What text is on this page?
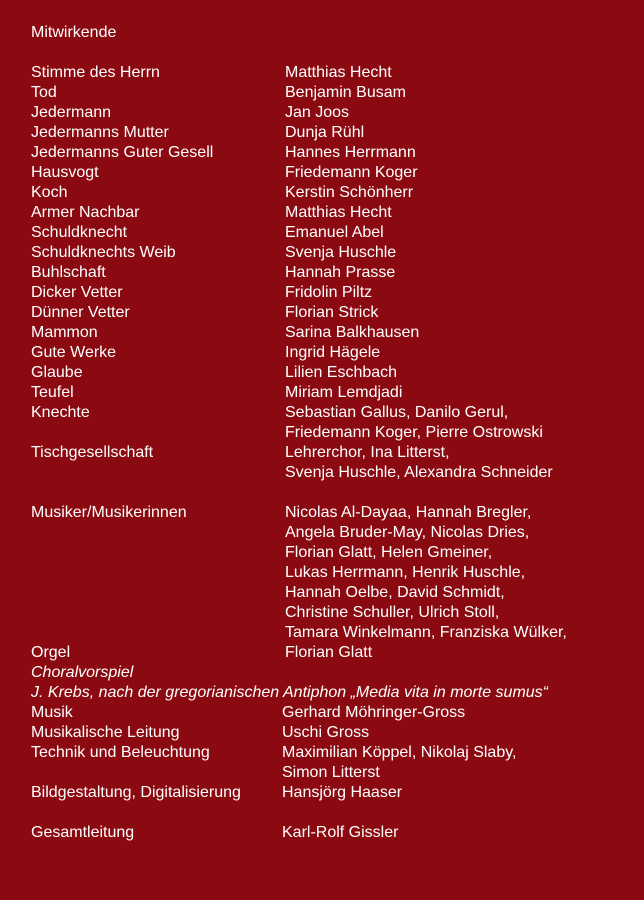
Mitwirkende
Stimme des Herrn	Matthias Hecht
Tod	Benjamin Busam
Jedermann	Jan Joos
Jedermanns Mutter	Dunja Rühl
Jedermanns Guter Gesell	Hannes Herrmann
Hausvogt	Friedemann Koger
Koch	Kerstin Schönherr
Armer Nachbar	Matthias Hecht
Schuldknecht	Emanuel Abel
Schuldknechts Weib	Svenja Huschle
Buhlschaft	Hannah Prasse
Dicker Vetter	Fridolin Piltz
Dünner Vetter	Florian Strick
Mammon	Sarina Balkhausen
Gute Werke	Ingrid Hägele
Glaube	Lilien Eschbach
Teufel	Miriam Lemdjadi
Knechte	Sebastian Gallus, Danilo Gerul,
Friedemann Koger, Pierre Ostrowski
Tischgesellschaft	Lehrerchor, Ina Litterst,
Svenja Huschle, Alexandra Schneider
Musiker/Musikerinnen	Nicolas Al-Dayaa, Hannah Bregler,
Angela Bruder-May, Nicolas Dries,
Florian Glatt, Helen Gmeiner,
Lukas Herrmann, Henrik Huschle,
Hannah Oelbe, David Schmidt,
Christine Schuller, Ulrich Stoll,
Tamara Winkelmann, Franziska Wülker,
Orgel	Florian Glatt
Choralvorspiel
J. Krebs, nach der gregorianischen Antiphon „Media vita in morte sumus“
Musik	Gerhard Möhringer-Gross
Musikalische Leitung	Uschi Gross
Technik und Beleuchtung	Maximilian Köppel, Nikolaj Slaby,
Simon Litterst
Bildgestaltung, Digitalisierung	Hansjörg Haaser
Gesamtleitung	Karl-Rolf Gissler
